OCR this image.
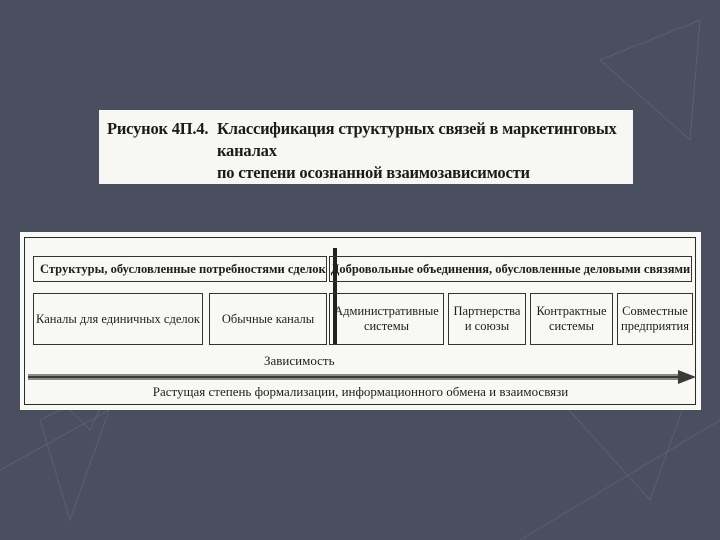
Рисунок 4П.4. Классификация структурных связей в маркетинговых каналах
по степени осознанной взаимозависимости
Структуры, обусловленные потребностями сделок Добровольные объединения, обусловленные деловыми связями
Каналы для единичных сделок	Обычные каналы
Административные
системы
Партнерства
и союзы
Контрактные
системы
Совместные
предприятия
Зависимость
Растущая степень формализации, информационного обмена и взаимосвязи
